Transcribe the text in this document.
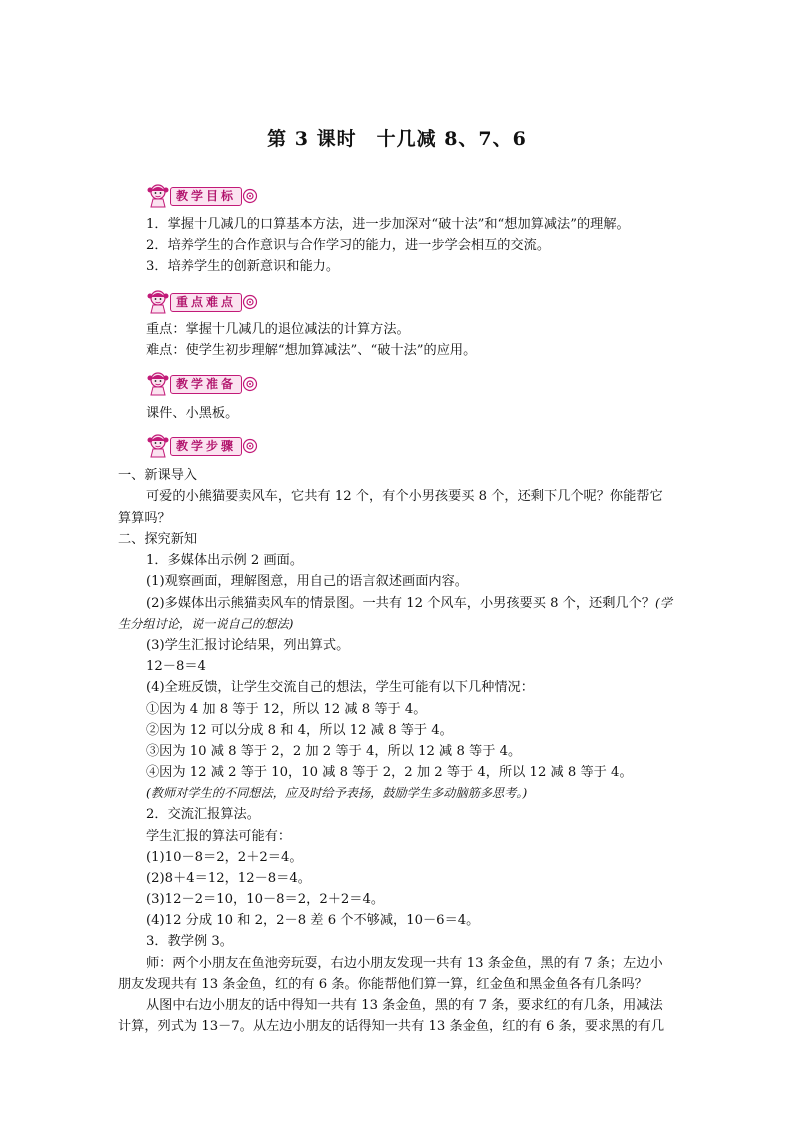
第 3 课时　十几减 8、7、6
教学目标
1．掌握十几减几的口算基本方法，进一步加深对“破十法”和“想加算减法”的理解。
2．培养学生的合作意识与合作学习的能力，进一步学会相互的交流。
3．培养学生的创新意识和能力。
重点难点
重点：掌握十几减几的退位减法的计算方法。
难点：使学生初步理解“想加算减法”、“破十法”的应用。
教学准备
课件、小黑板。
教学步骤
一、新课导入
可爱的小熊猫要卖风车，它共有 12 个，有个小男孩要买 8 个，还剩下几个呢？你能帮它
算算吗？
二、探究新知
1．多媒体出示例 2 画面。
(1)观察画面，理解图意，用自己的语言叙述画面内容。
(2)多媒体出示熊猫卖风车的情景图。一共有 12 个风车，小男孩要买 8 个，还剩几个？(学
生分组讨论，说一说自己的想法)
(3)学生汇报讨论结果，列出算式。
12－8＝4
(4)全班反馈，让学生交流自己的想法，学生可能有以下几种情况：
①因为 4 加 8 等于 12，所以 12 减 8 等于 4。
②因为 12 可以分成 8 和 4，所以 12 减 8 等于 4。
③因为 10 减 8 等于 2，2 加 2 等于 4，所以 12 减 8 等于 4。
④因为 12 减 2 等于 10，10 减 8 等于 2，2 加 2 等于 4，所以 12 减 8 等于 4。
(教师对学生的不同想法，应及时给予表扬，鼓励学生多动脑筋多思考。)
2．交流汇报算法。
学生汇报的算法可能有：
(1)10－8＝2，2＋2＝4。
(2)8＋4＝12，12－8＝4。
(3)12－2＝10，10－8＝2，2＋2＝4。
(4)12 分成 10 和 2，2－8 差 6 个不够减，10－6＝4。
3．教学例 3。
师：两个小朋友在鱼池旁玩耍，右边小朋友发现一共有 13 条金鱼，黑的有 7 条；左边小
朋友发现共有 13 条金鱼，红的有 6 条。你能帮他们算一算，红金鱼和黑金鱼各有几条吗？
从图中右边小朋友的话中得知一共有 13 条金鱼，黑的有 7 条，要求红的有几条，用减法
计算，列式为 13－7。从左边小朋友的话得知一共有 13 条金鱼，红的有 6 条，要求黑的有几
